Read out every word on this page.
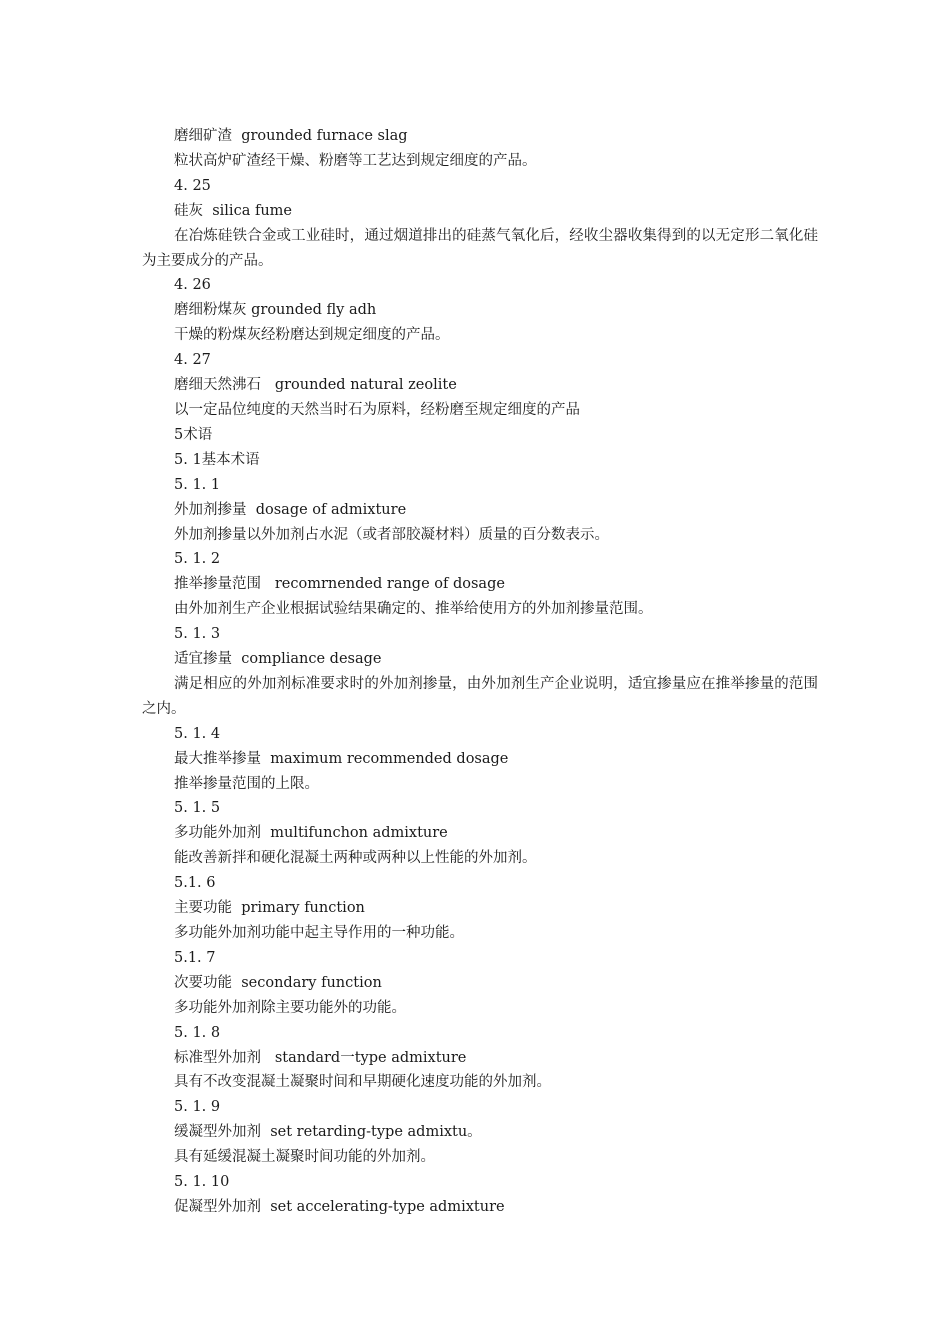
磨细矿渣  grounded furnace slag

粒状高炉矿渣经干燥、粉磨等工艺达到规定细度的产品。

4. 25

硅灰  silica fume

在冶炼硅铁合金或工业硅时，通过烟道排出的硅蒸气氧化后，经收尘器收集得到的以无定形二氧化硅为主要成分的产品。

4. 26

磨细粉煤灰 grounded fly adh

干燥的粉煤灰经粉磨达到规定细度的产品。

4. 27

磨细天然沸石   grounded natural zeolite

以一定品位纯度的天然当时石为原料，经粉磨至规定细度的产品

5术语

5. 1基本术语

5. 1. 1

外加剂掺量  dosage of admixture

外加剂掺量以外加剂占水泥（或者部胶凝材料）质量的百分数表示。

5. 1. 2

推举掺量范围   recomrnended range of dosage

由外加剂生产企业根据试验结果确定的、推举给使用方的外加剂掺量范围。

5. 1. 3

适宜掺量  compliance desage

满足相应的外加剂标准要求时的外加剂掺量，由外加剂生产企业说明，适宜掺量应在推举掺量的范围之内。

5. 1. 4

最大推举掺量  maximum recommended dosage

推举掺量范围的上限。

5. 1. 5

多功能外加剂  multifunchon admixture

能改善新拌和硬化混凝土两种或两种以上性能的外加剂。

5.1. 6

主要功能  primary function

多功能外加剂功能中起主导作用的一种功能。

5.1. 7

次要功能  secondary function

多功能外加剂除主要功能外的功能。

5. 1. 8

标准型外加剂   standard一type admixture

具有不改变混凝土凝聚时间和早期硬化速度功能的外加剂。

5. 1. 9

缓凝型外加剂  set retarding-type admixtu。

具有延缓混凝土凝聚时间功能的外加剂。

5. 1. 10

促凝型外加剂  set accelerating-type admixture
